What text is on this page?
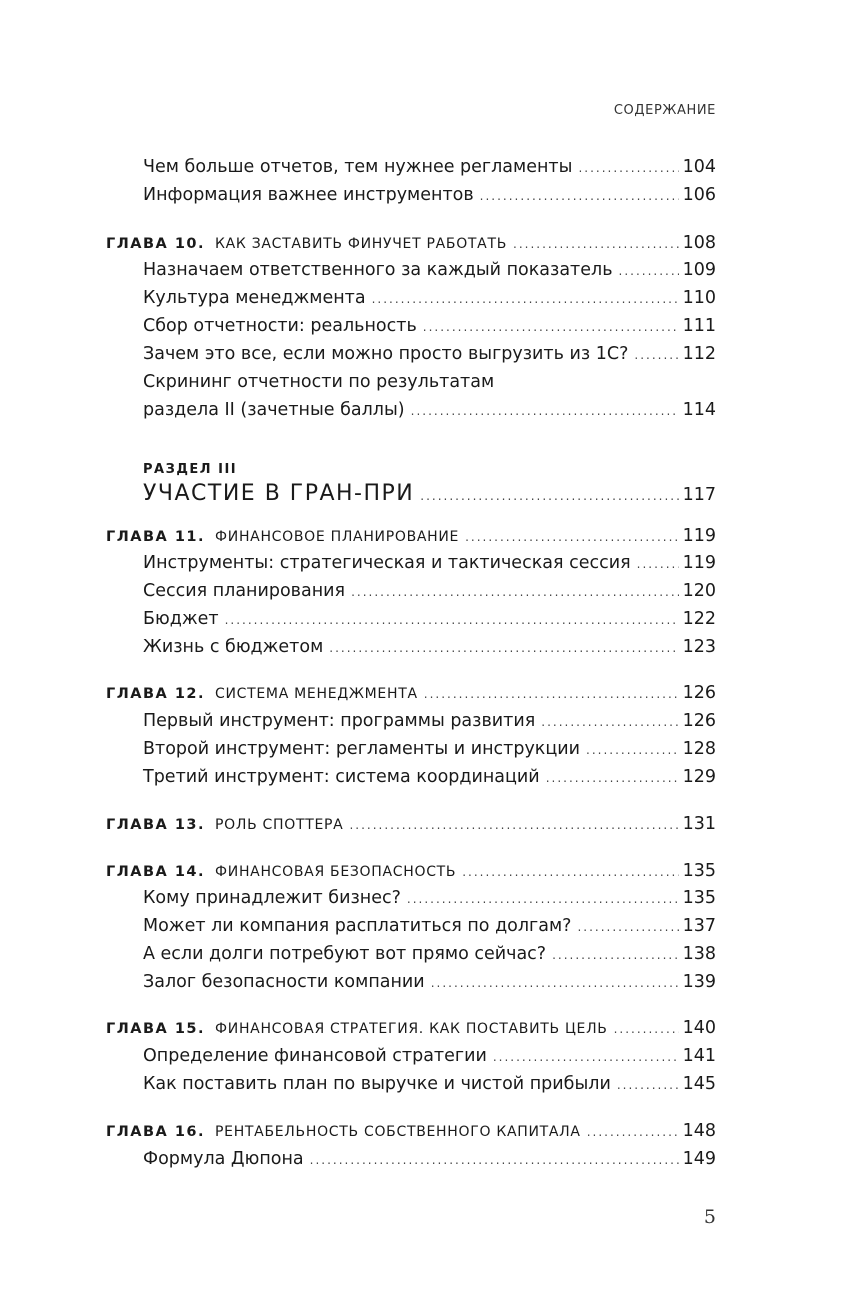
СОДЕРЖАНИЕ
Чем больше отчетов, тем нужнее регламенты .....	104
Информация важнее инструментов .....	106
ГЛАВА 10. КАК ЗАСТАВИТЬ ФИНУЧЕТ РАБОТАТЬ .....	108
Назначаем ответственного за каждый показатель .....	109
Культура менеджмента .....	110
Сбор отчетности: реальность .....	111
Зачем это все, если можно просто выгрузить из 1С? .....	112
Скрининг отчетности по результатам
раздела II (зачетные баллы) .....	114
РАЗДЕЛ III
УЧАСТИЕ В ГРАН-ПРИ .....	117
ГЛАВА 11. ФИНАНСОВОЕ ПЛАНИРОВАНИЕ .....	119
Инструменты: стратегическая и тактическая сессия .....	119
Сессия планирования .....	120
Бюджет .....	122
Жизнь с бюджетом .....	123
ГЛАВА 12. СИСТЕМА МЕНЕДЖМЕНТА .....	126
Первый инструмент: программы развития .....	126
Второй инструмент: регламенты и инструкции .....	128
Третий инструмент: система координаций .....	129
ГЛАВА 13. РОЛЬ СПОТТЕРА .....	131
ГЛАВА 14. ФИНАНСОВАЯ БЕЗОПАСНОСТЬ .....	135
Кому принадлежит бизнес? .....	135
Может ли компания расплатиться по долгам? .....	137
А если долги потребуют вот прямо сейчас? .....	138
Залог безопасности компании .....	139
ГЛАВА 15. ФИНАНСОВАЯ СТРАТЕГИЯ. КАК ПОСТАВИТЬ ЦЕЛЬ .....	140
Определение финансовой стратегии .....	141
Как поставить план по выручке и чистой прибыли .....	145
ГЛАВА 16. РЕНТАБЕЛЬНОСТЬ СОБСТВЕННОГО КАПИТАЛА .....	148
Формула Дюпона .....	149
5
